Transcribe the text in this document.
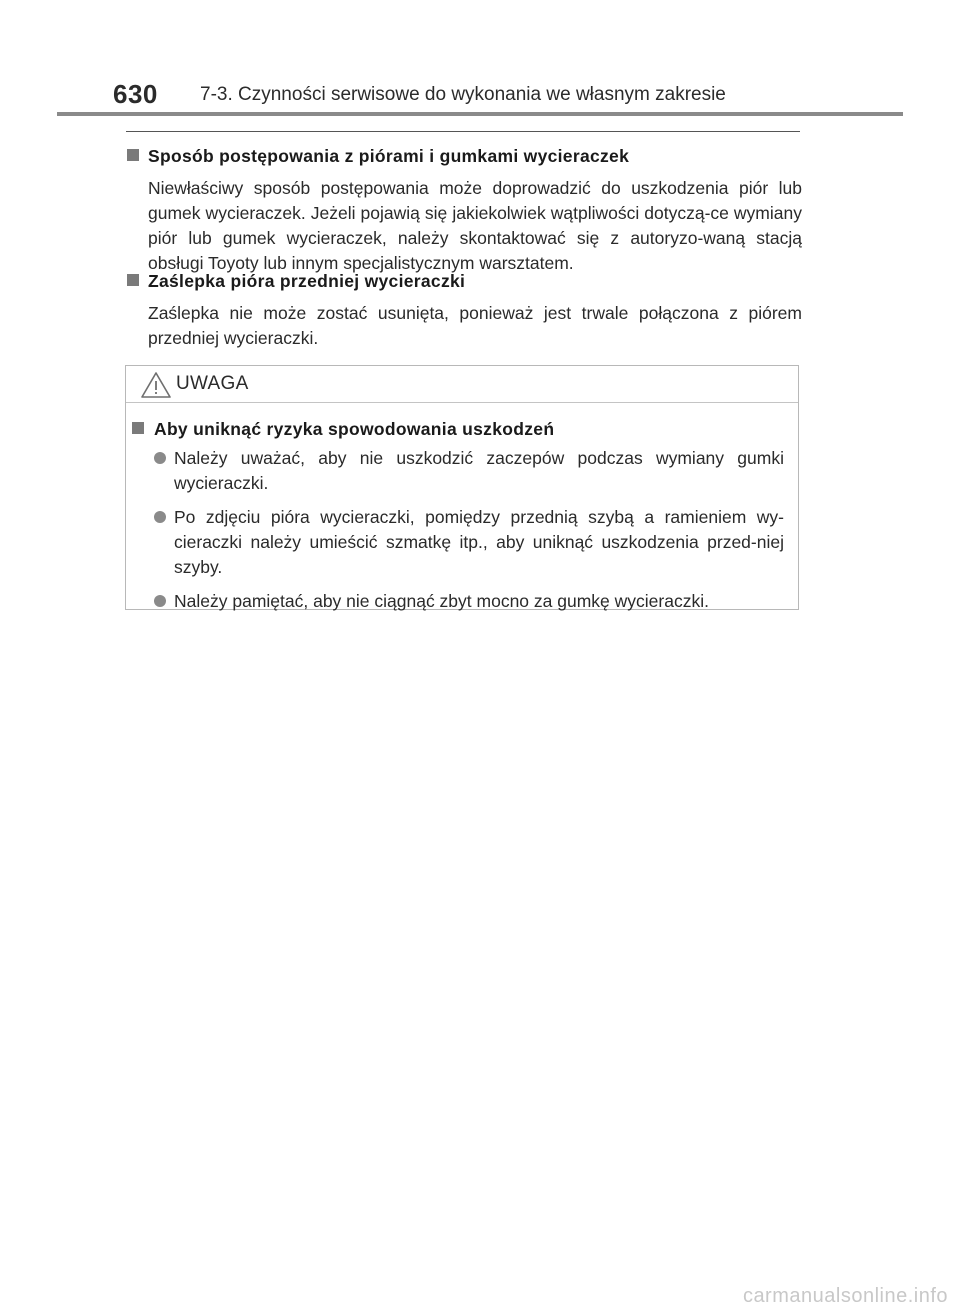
630 7-3. Czynności serwisowe do wykonania we własnym zakresie
Sposób postępowania z piórami i gumkami wycieraczek
Niewłaściwy sposób postępowania może doprowadzić do uszkodzenia piór lub gumek wycieraczek. Jeżeli pojawią się jakiekolwiek wątpliwości dotyczą-ce wymiany piór lub gumek wycieraczek, należy skontaktować się z autoryzo-waną stacją obsługi Toyoty lub innym specjalistycznym warsztatem.
Zaślepka pióra przedniej wycieraczki
Zaślepka nie może zostać usunięta, ponieważ jest trwale połączona z piórem przedniej wycieraczki.
UWAGA
Aby uniknąć ryzyka spowodowania uszkodzeń
Należy uważać, aby nie uszkodzić zaczepów podczas wymiany gumki wycieraczki.
Po zdjęciu pióra wycieraczki, pomiędzy przednią szybą a ramieniem wy-cieraczki należy umieścić szmatkę itp., aby uniknąć uszkodzenia przed-niej szyby.
Należy pamiętać, aby nie ciągnąć zbyt mocno za gumkę wycieraczki.
carmanualsonline.info
